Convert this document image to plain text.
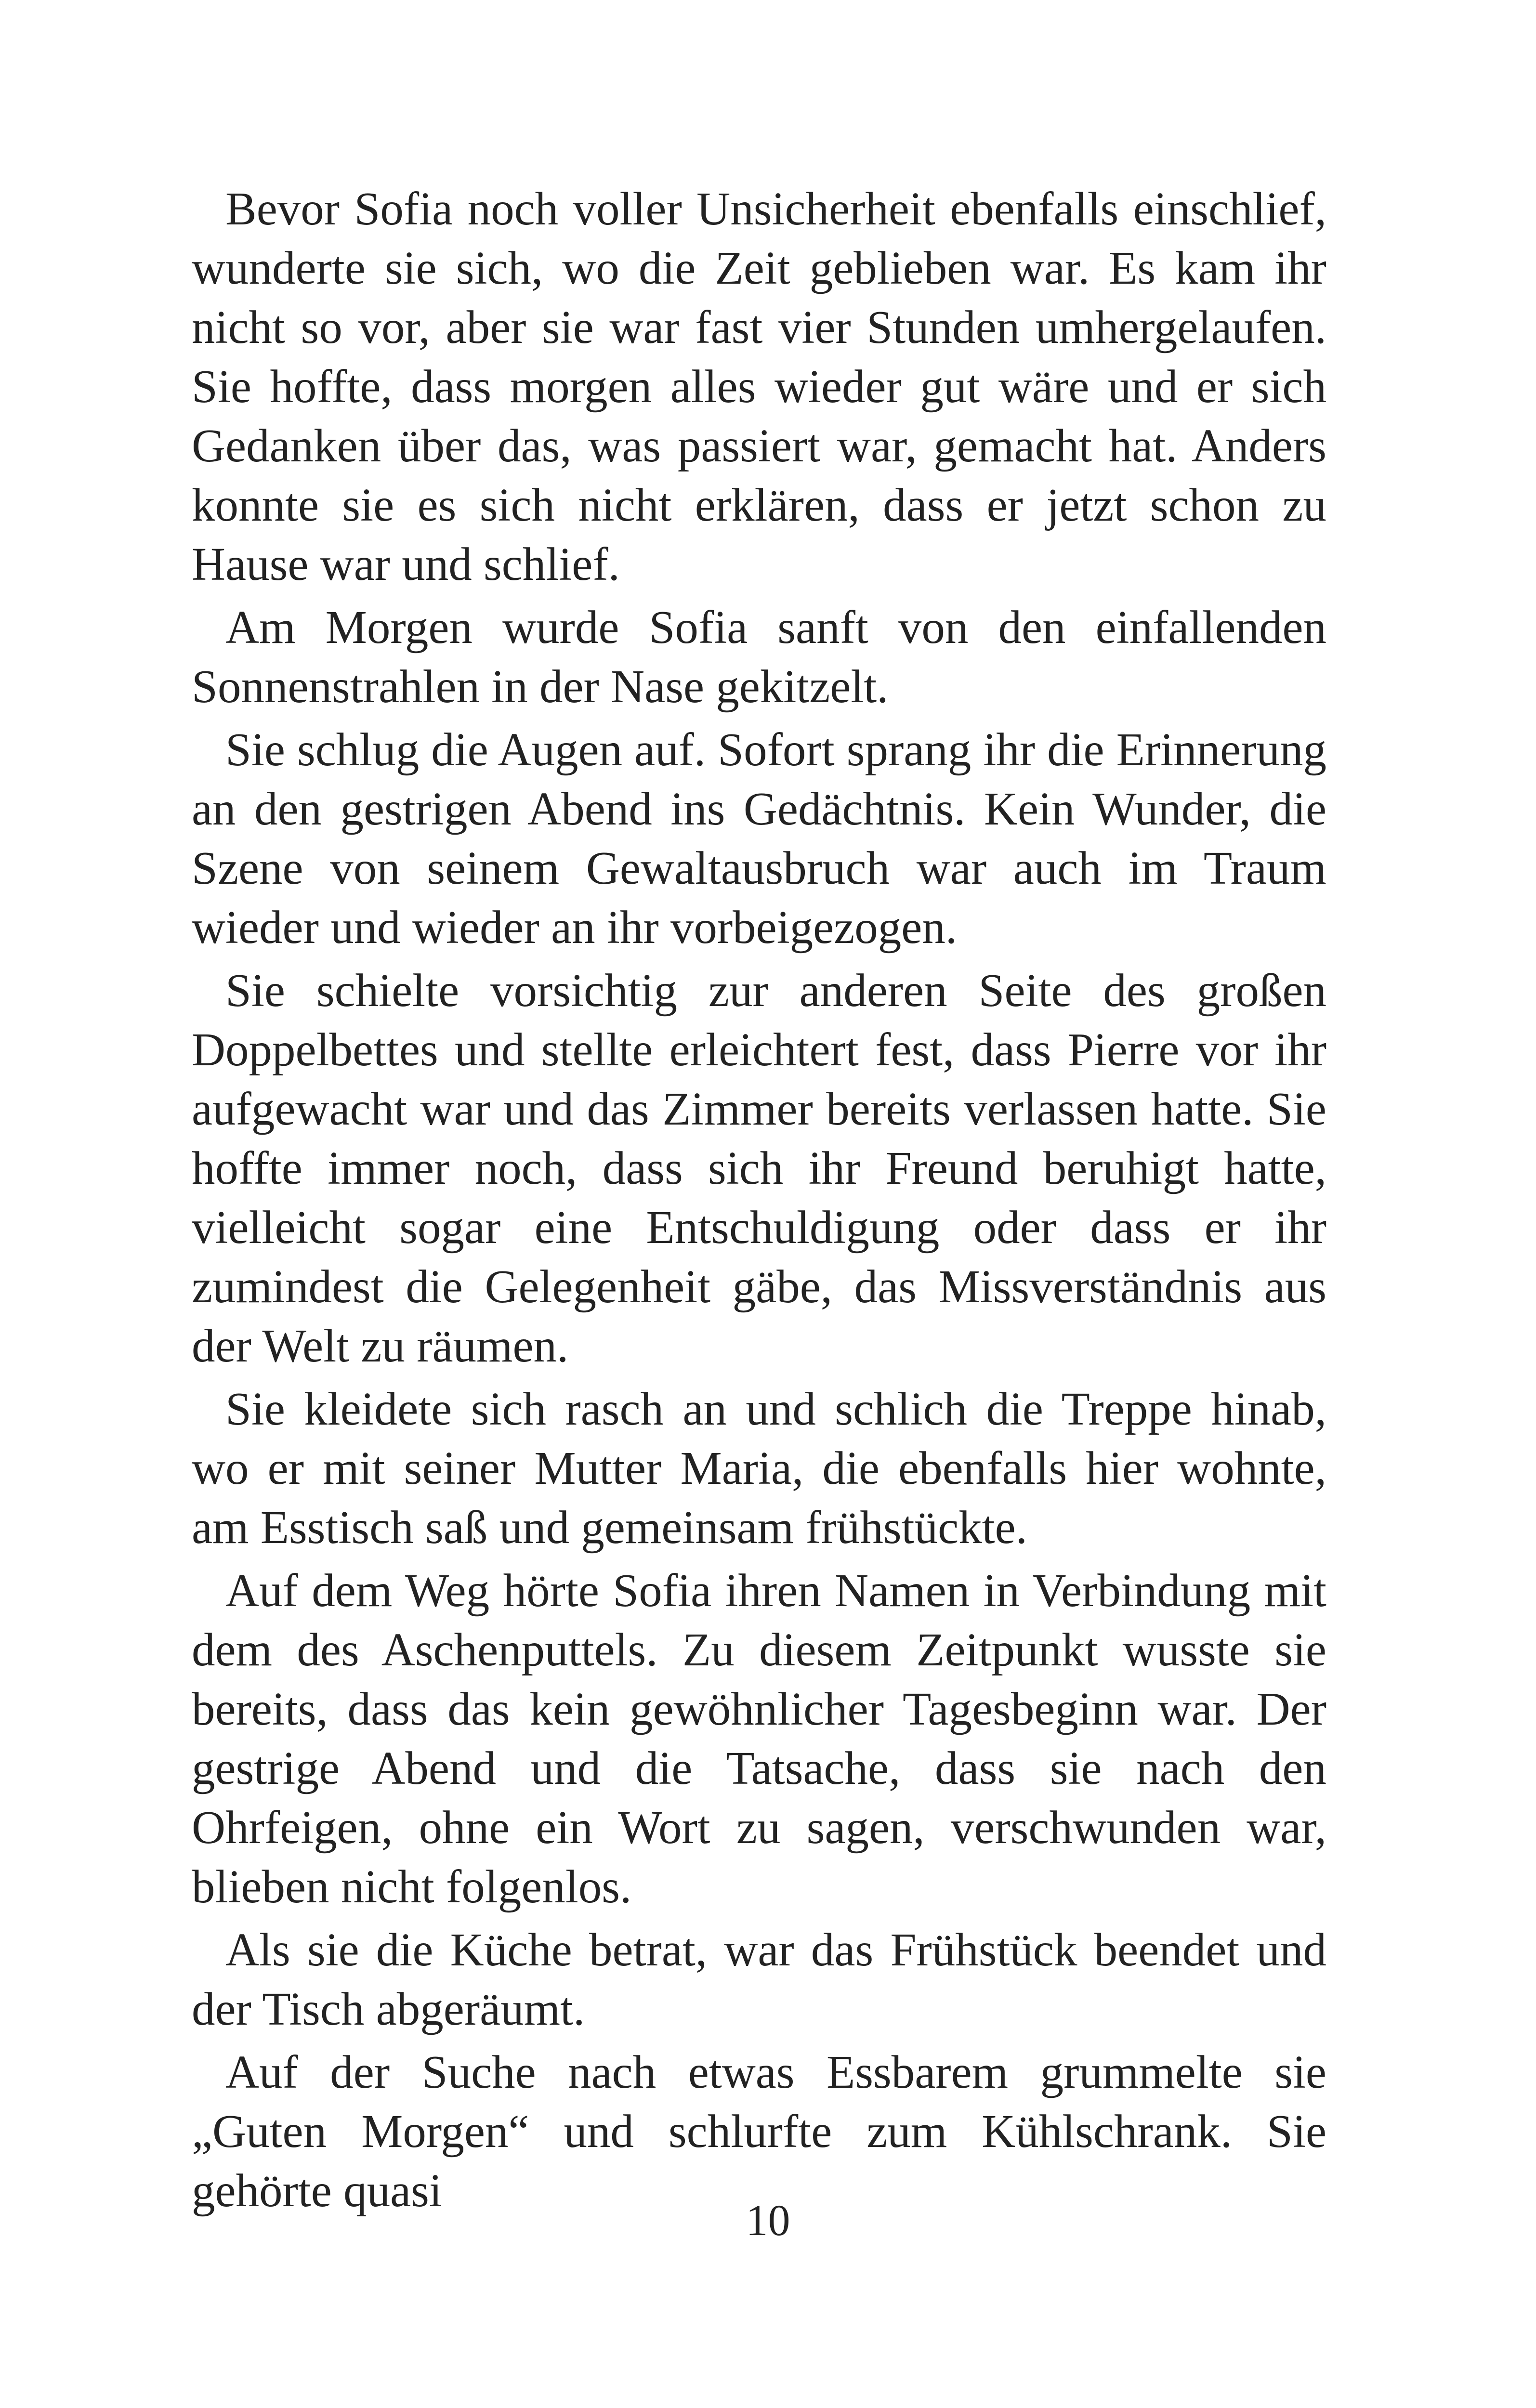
Bevor Sofia noch voller Unsicherheit ebenfalls einschlief, wunderte sie sich, wo die Zeit geblieben war. Es kam ihr nicht so vor, aber sie war fast vier Stunden umhergelaufen. Sie hoffte, dass morgen alles wieder gut wäre und er sich Gedanken über das, was passiert war, gemacht hat. Anders konnte sie es sich nicht erklären, dass er jetzt schon zu Hause war und schlief.

Am Morgen wurde Sofia sanft von den einfallenden Sonnenstrahlen in der Nase gekitzelt.

Sie schlug die Augen auf. Sofort sprang ihr die Erinnerung an den gestrigen Abend ins Gedächtnis. Kein Wunder, die Szene von seinem Gewaltausbruch war auch im Traum wieder und wieder an ihr vorbeigezogen.

Sie schielte vorsichtig zur anderen Seite des großen Doppelbettes und stellte erleichtert fest, dass Pierre vor ihr aufgewacht war und das Zimmer bereits verlassen hatte. Sie hoffte immer noch, dass sich ihr Freund beruhigt hatte, vielleicht sogar eine Entschuldigung oder dass er ihr zumindest die Gelegenheit gäbe, das Missverständnis aus der Welt zu räumen.

Sie kleidete sich rasch an und schlich die Treppe hinab, wo er mit seiner Mutter Maria, die ebenfalls hier wohnte, am Esstisch saß und gemeinsam frühstückte.

Auf dem Weg hörte Sofia ihren Namen in Verbindung mit dem des Aschenputtels. Zu diesem Zeitpunkt wusste sie bereits, dass das kein gewöhnlicher Tagesbeginn war. Der gestrige Abend und die Tatsache, dass sie nach den Ohrfeigen, ohne ein Wort zu sagen, verschwunden war, blieben nicht folgenlos.

Als sie die Küche betrat, war das Frühstück beendet und der Tisch abgeräumt.

Auf der Suche nach etwas Essbarem grummelte sie „Guten Morgen“ und schlurfte zum Kühlschrank. Sie gehörte quasi

10
